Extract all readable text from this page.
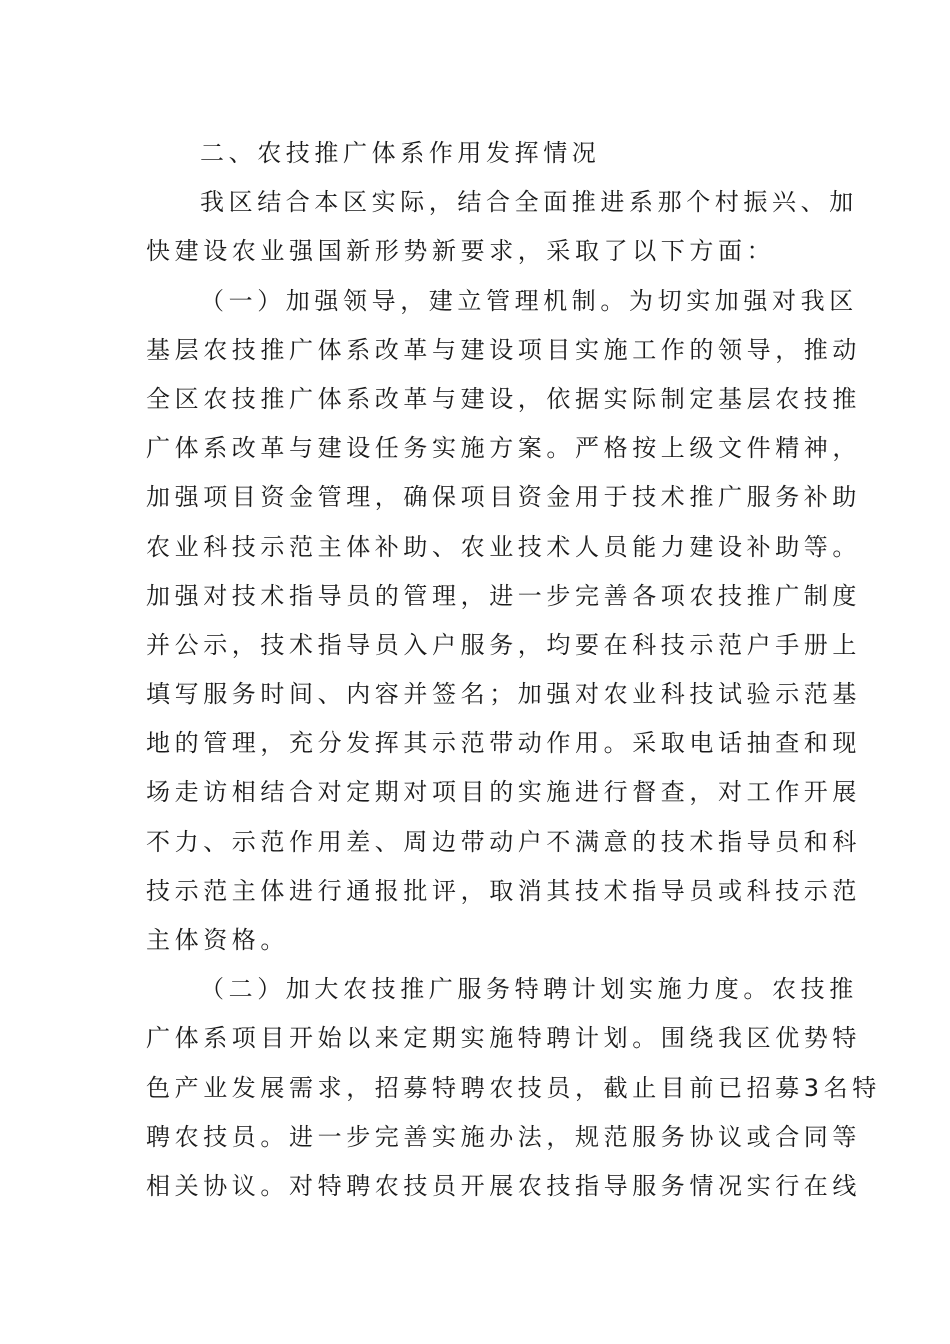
二、农技推广体系作用发挥情况
我区结合本区实际，结合全面推进系那个村振兴、加
快建设农业强国新形势新要求，采取了以下方面：
（一）加强领导，建立管理机制。为切实加强对我区
基层农技推广体系改革与建设项目实施工作的领导，推动
全区农技推广体系改革与建设，依据实际制定基层农技推
广体系改革与建设任务实施方案。严格按上级文件精神，
加强项目资金管理，确保项目资金用于技术推广服务补助
农业科技示范主体补助、农业技术人员能力建设补助等。
加强对技术指导员的管理，进一步完善各项农技推广制度
并公示，技术指导员入户服务，均要在科技示范户手册上
填写服务时间、内容并签名；加强对农业科技试验示范基
地的管理，充分发挥其示范带动作用。采取电话抽查和现
场走访相结合对定期对项目的实施进行督查，对工作开展
不力、示范作用差、周边带动户不满意的技术指导员和科
技示范主体进行通报批评，取消其技术指导员或科技示范
主体资格。
（二）加大农技推广服务特聘计划实施力度。农技推
广体系项目开始以来定期实施特聘计划。围绕我区优势特
色产业发展需求，招募特聘农技员，截止目前已招募3名特
聘农技员。进一步完善实施办法，规范服务协议或合同等
相关协议。对特聘农技员开展农技指导服务情况实行在线
